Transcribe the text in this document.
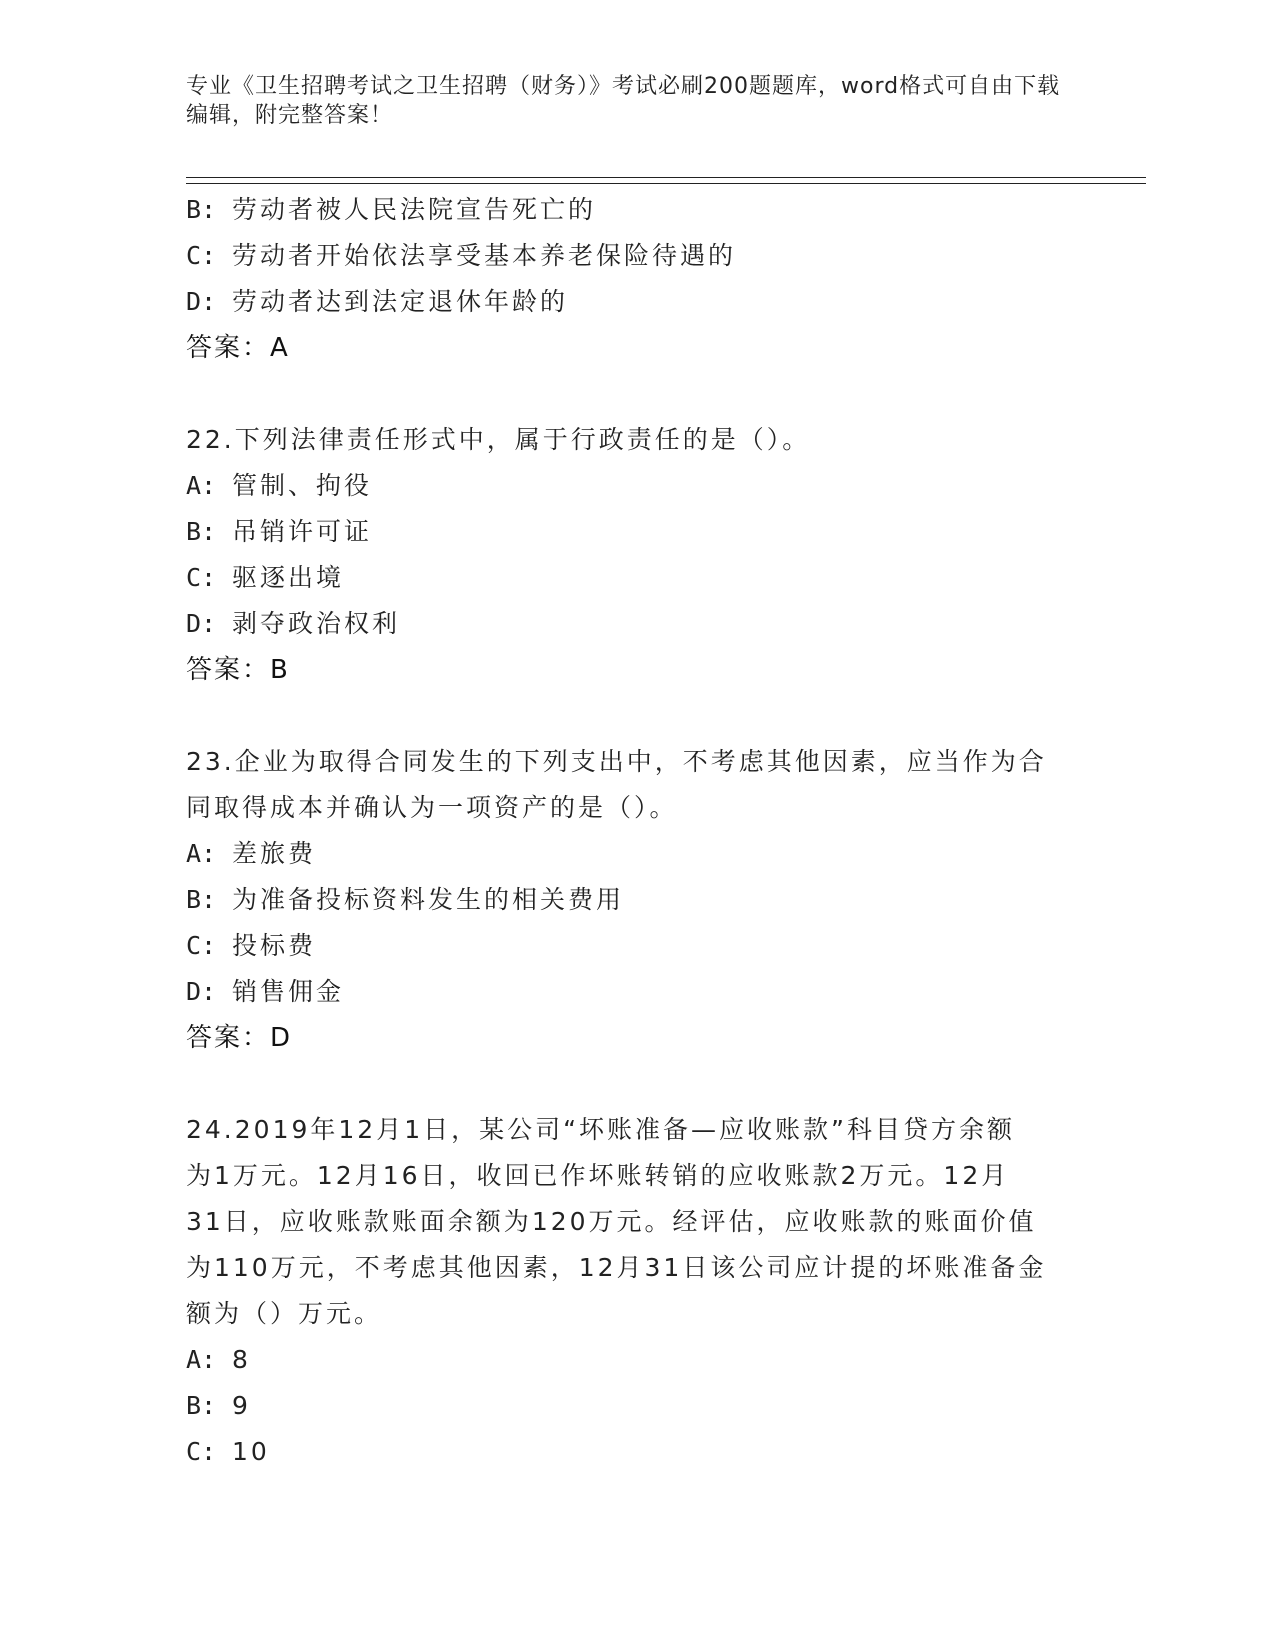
专业《卫生招聘考试之卫生招聘（财务）》考试必刷200题题库，word格式可自由下载编辑，附完整答案！
B: 劳动者被人民法院宣告死亡的
C: 劳动者开始依法享受基本养老保险待遇的
D: 劳动者达到法定退休年龄的
答案：A
22.下列法律责任形式中，属于行政责任的是（）。
A: 管制、拘役
B: 吊销许可证
C: 驱逐出境
D: 剥夺政治权利
答案：B
23.企业为取得合同发生的下列支出中，不考虑其他因素，应当作为合
同取得成本并确认为一项资产的是（）。
A: 差旅费
B: 为准备投标资料发生的相关费用
C: 投标费
D: 销售佣金
答案：D
24.2019年12月1日，某公司“坏账准备—应收账款”科目贷方余额
为1万元。12月16日，收回已作坏账转销的应收账款2万元。12月
31日，应收账款账面余额为120万元。经评估，应收账款的账面价值
为110万元，不考虑其他因素，12月31日该公司应计提的坏账准备金
额为（）万元。
A: 8
B: 9
C: 10
